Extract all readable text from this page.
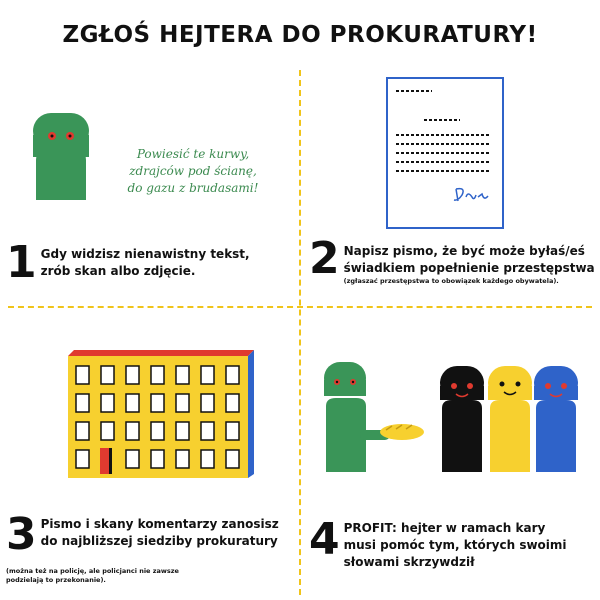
ZGŁOŚ HEJTERA DO PROKURATURY!
Powiesić te kurwy,
zdrajców pod ścianę,
do gazu z brudasami!
1 Gdy widzisz nienawistny tekst,
zrób skan albo zdjęcie.	2 Napisz pismo, że być może byłaś/eś
świadkiem popełnienie przestępstwa
(zgłaszać przestępstwa to obowiązek każdego obywatela).
3 Pismo i skany komentarzy zanosisz
do najbliższej siedziby prokuratury
(można też na policję, ale policjanci nie zawsze
podzielają to przekonanie).
4 PROFIT: hejter w ramach kary
musi pomóc tym, których swoimi
słowami skrzywdził
